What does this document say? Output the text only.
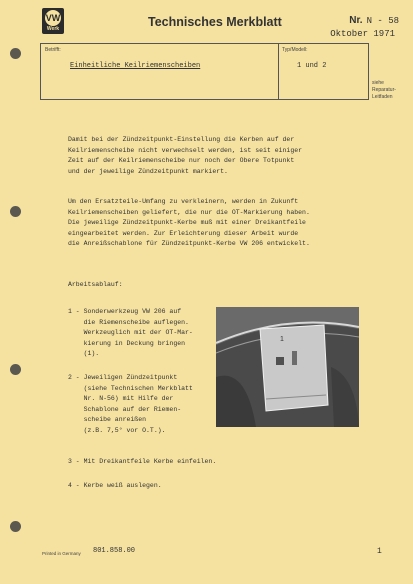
VW
Werk	Technisches Merkblatt	Nr. N - 58
Oktober 1971
Betrifft:
Einheitliche Keilriemenscheiben
Typ/Modell:
1 und 2
siehe
Reparatur-
Leitfaden
Damit bei der Zündzeitpunkt-Einstellung die Kerben auf der
Keilriemenscheibe nicht verwechselt werden, ist seit einiger
Zeit auf der Keilriemenscheibe nur noch der Obere Totpunkt
und der jeweilige Zündzeitpunkt markiert.
Um den Ersatzteile-Umfang zu verkleinern, werden in Zukunft
Keilriemenscheiben geliefert, die nur die OT-Markierung haben.
Die jeweilige Zündzeitpunkt-Kerbe muß mit einer Dreikantfeile
eingearbeitet werden. Zur Erleichterung dieser Arbeit wurde
die Anreißschablone für Zündzeitpunkt-Kerbe VW 206 entwickelt.
Arbeitsablauf:
1 - Sonderwerkzeug VW 206 auf
die Riemenscheibe auflegen.
Werkzeuglich mit der OT-Mar-
kierung in Deckung bringen
(1).
2 - Jeweiligen Zündzeitpunkt
(siehe Technischen Merkblatt
Nr. N-56) mit Hilfe der
Schablone auf der Riemen-
scheibe anreißen
(z.B. 7,5° vor O.T.).
3 - Mit Dreikantfeile Kerbe einfeilen.
4 - Kerbe weiß auslegen.
1
Printed in Germany 801.858.00	1
